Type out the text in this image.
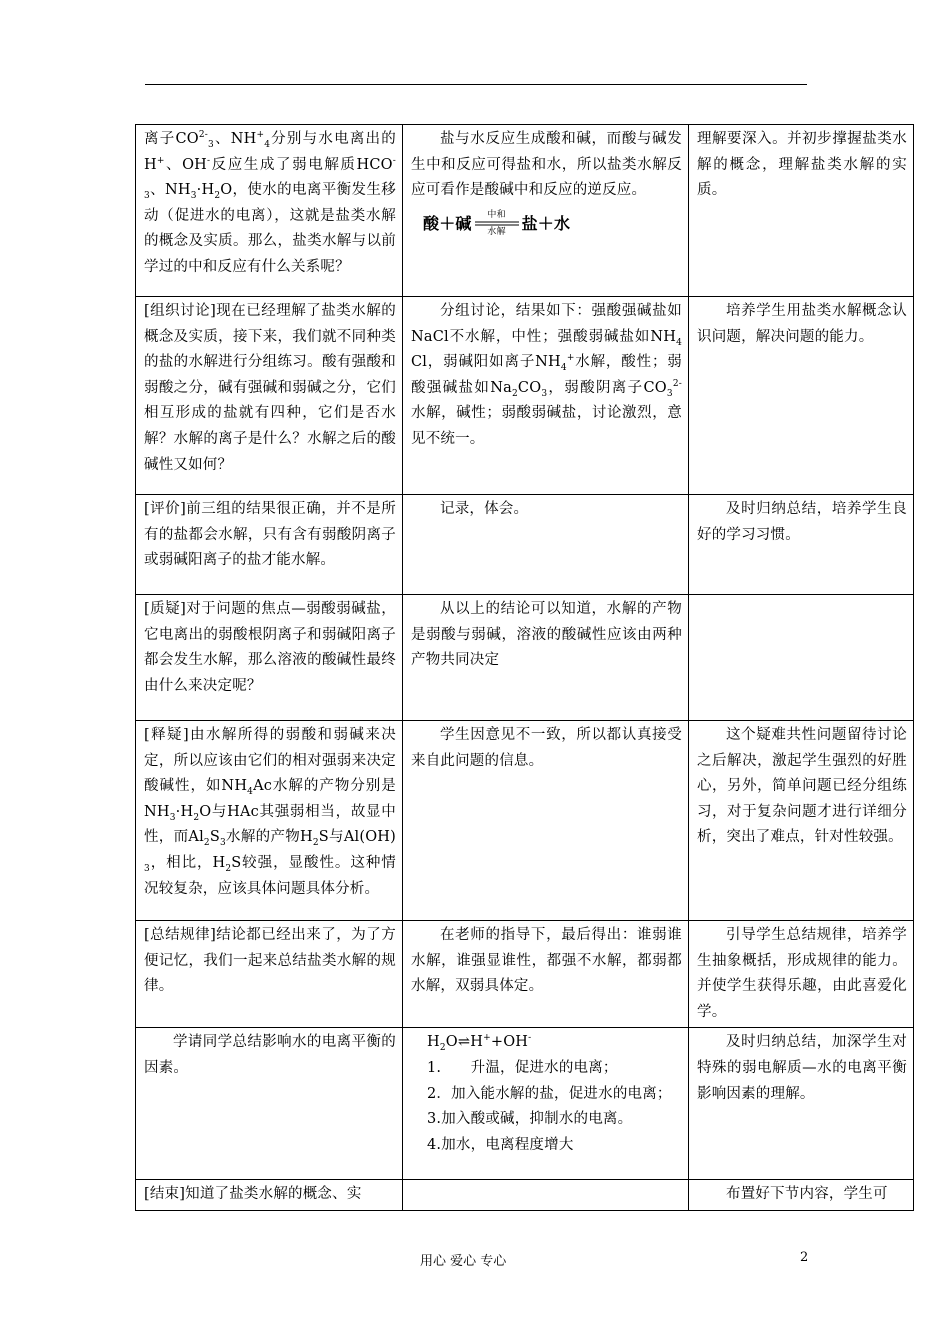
离子$CO^{2-}_3$、$NH^+_4$分别与水电离出的H+、OH-反应生成了弱电解质$HCO^-_3$、$NH_3\cdot H_2O$，使水的电离平衡发生移动（促进水的电离），这就是盐类水解的概念及实质。那么，盐类水解与以前学过的中和反应有什么关系呢？	盐与水反应生成酸和碱，而酸与碱发生中和反应可得盐和水，所以盐类水解反应可看作是酸碱中和反应的逆反应。
酸＋碱 中和
水解 盐＋水	理解要深入。并初步撑握盐类水解的概念，理解盐类水解的实质。
[组织讨论]现在已经理解了盐类水解的概念及实质，接下来，我们就不同种类的盐的水解进行分组练习。酸有强酸和弱酸之分，碱有强碱和弱碱之分，它们相互形成的盐就有四种，它们是否水解？水解的离子是什么？水解之后的酸碱性又如何？	分组讨论，结果如下：强酸强碱盐如NaCl不水解，中性；强酸弱碱盐如$NH_4Cl$，弱碱阳如离子$NH_4^+$水解，酸性；弱酸强碱盐如$Na_2CO_3$，弱酸阴离子$CO_3^{2-}$水解，碱性；弱酸弱碱盐，讨论激烈，意见不统一。	培养学生用盐类水解概念认识问题，解决问题的能力。

[评价]前三组的结果很正确，并不是所有的盐都会水解，只有含有弱酸阴离子或弱碱阳离子的盐才能水解。	记录，体会。	及时归纳总结，培养学生良好的学习习惯。

[质疑]对于问题的焦点—弱酸弱碱盐，它电离出的弱酸根阴离子和弱碱阳离子都会发生水解，那么溶液的酸碱性最终由什么来决定呢？	从以上的结论可以知道，水解的产物是弱酸与弱碱，溶液的酸碱性应该由两种产物共同决定	

[释疑]由水解所得的弱酸和弱碱来决定，所以应该由它们的相对强弱来决定酸碱性，如$NH_4Ac$水解的产物分别是$NH_3\cdot H_2O$与HAc其强弱相当，故显中性，而$Al_2S_3$水解的产物$H_2S$与$Al(OH)_3$，相比，$H_2S$较强，显酸性。这种情况较复杂，应该具体问题具体分析。	学生因意见不一致，所以都认真接受来自此问题的信息。	这个疑难共性问题留待讨论之后解决，激起学生强烈的好胜心，另外，简单问题已经分组练习，对于复杂问题才进行详细分析，突出了难点，针对性较强。

[总结规律]结论都已经出来了，为了方便记忆，我们一起来总结盐类水解的规律。	在老师的指导下，最后得出：谁弱谁水解，谁强显谁性，都强不水解，都弱都水解，双弱具体定。	引导学生总结规律，培养学生抽象概括，形成规律的能力。并使学生获得乐趣，由此喜爱化学。

学请同学总结影响水的电离平衡的因素。	$H_2O\rightleftharpoons H^++OH^-$
1.　　升温，促进水的电离；
2．加入能水解的盐，促进水的电离；
3.加入酸或碱，抑制水的电离。
4.加水，电离程度增大	及时归纳总结，加深学生对特殊的弱电解质—水的电离平衡影响因素的理解。

[结束]知道了盐类水解的概念、实		布置好下节内容，学生可
用心 爱心 专心	2
